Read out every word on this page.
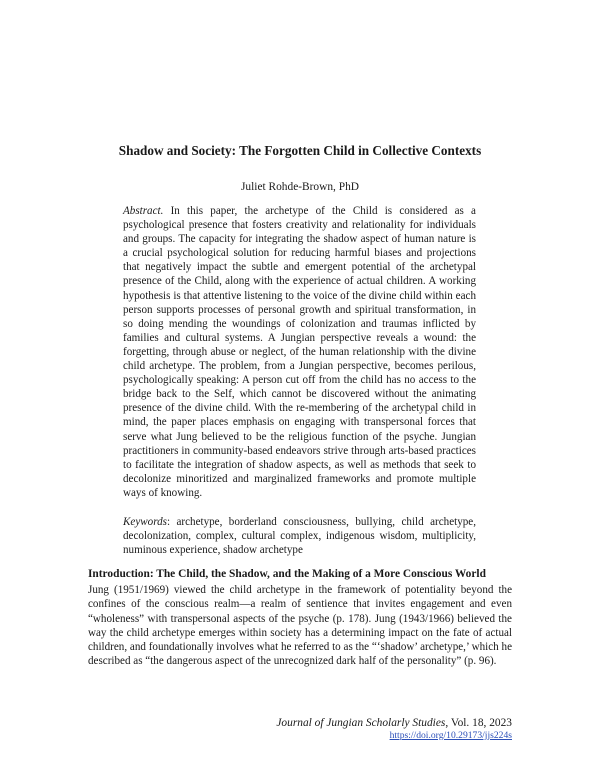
Shadow and Society: The Forgotten Child in Collective Contexts

Juliet Rohde-Brown, PhD

Abstract. In this paper, the archetype of the Child is considered as a psychological presence that fosters creativity and relationality for individuals and groups. The capacity for integrating the shadow aspect of human nature is a crucial psychological solution for reducing harmful biases and projections that negatively impact the subtle and emergent potential of the archetypal presence of the Child, along with the experience of actual children. A working hypothesis is that attentive listening to the voice of the divine child within each person supports processes of personal growth and spiritual transformation, in so doing mending the woundings of colonization and traumas inflicted by families and cultural systems. A Jungian perspective reveals a wound: the forgetting, through abuse or neglect, of the human relationship with the divine child archetype. The problem, from a Jungian perspective, becomes perilous, psychologically speaking: A person cut off from the child has no access to the bridge back to the Self, which cannot be discovered without the animating presence of the divine child. With the re-membering of the archetypal child in mind, the paper places emphasis on engaging with transpersonal forces that serve what Jung believed to be the religious function of the psyche. Jungian practitioners in community-based endeavors strive through arts-based practices to facilitate the integration of shadow aspects, as well as methods that seek to decolonize minoritized and marginalized frameworks and promote multiple ways of knowing.

Keywords: archetype, borderland consciousness, bullying, child archetype, decolonization, complex, cultural complex, indigenous wisdom, multiplicity, numinous experience, shadow archetype

Introduction: The Child, the Shadow, and the Making of a More Conscious World

Jung (1951/1969) viewed the child archetype in the framework of potentiality beyond the confines of the conscious realm—a realm of sentience that invites engagement and even “wholeness” with transpersonal aspects of the psyche (p. 178). Jung (1943/1966) believed the way the child archetype emerges within society has a determining impact on the fate of actual children, and foundationally involves what he referred to as the “‘shadow’ archetype,’ which he described as “the dangerous aspect of the unrecognized dark half of the personality” (p. 96).

Journal of Jungian Scholarly Studies, Vol. 18, 2023

https://doi.org/10.29173/jjs224s
